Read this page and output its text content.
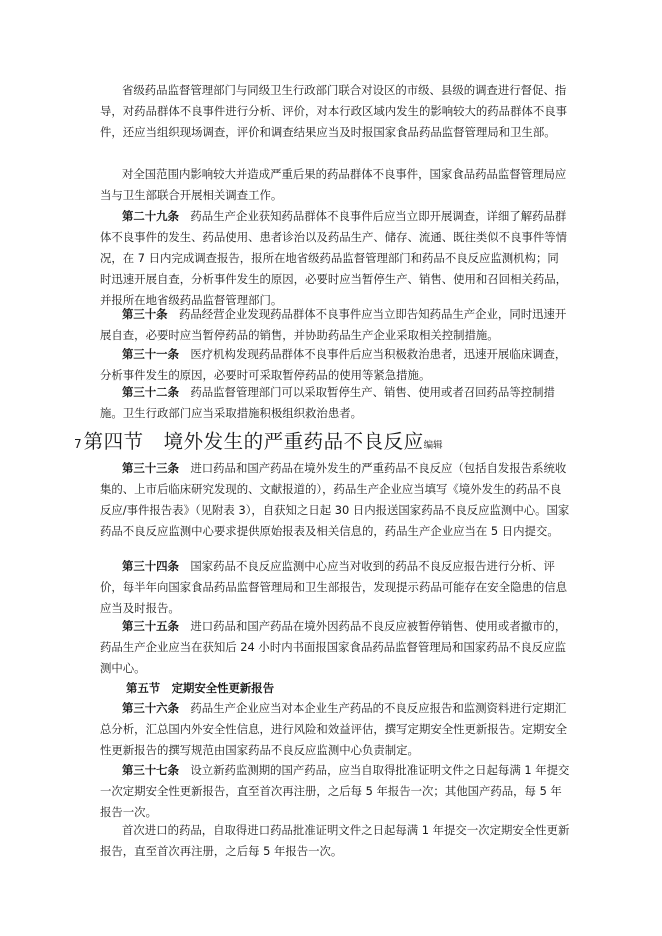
省级药品监督管理部门与同级卫生行政部门联合对设区的市级、县级的调查进行督促、指导，对药品群体不良事件进行分析、评价，对本行政区域内发生的影响较大的药品群体不良事件，还应当组织现场调查，评价和调查结果应当及时报国家食品药品监督管理局和卫生部。

对全国范围内影响较大并造成严重后果的药品群体不良事件，国家食品药品监督管理局应当与卫生部联合开展相关调查工作。

第二十九条　 药品生产企业获知药品群体不良事件后应当立即开展调查，详细了解药品群体不良事件的发生、药品使用、患者诊治以及药品生产、储存、流通、既往类似不良事件等情况，在 7 日内完成调查报告，报所在地省级药品监督管理部门和药品不良反应监测机构；同时迅速开展自查，分析事件发生的原因，必要时应当暂停生产、销售、使用和召回相关药品，并报所在地省级药品监督管理部门。

第三十条　 药品经营企业发现药品群体不良事件应当立即告知药品生产企业，同时迅速开展自查，必要时应当暂停药品的销售，并协助药品生产企业采取相关控制措施。

第三十一条　 医疗机构发现药品群体不良事件后应当积极救治患者，迅速开展临床调查，分析事件发生的原因，必要时可采取暂停药品的使用等紧急措施。

第三十二条　 药品监督管理部门可以采取暂停生产、销售、使用或者召回药品等控制措施。卫生行政部门应当采取措施积极组织救治患者。

7 第四节　境外发生的严重药品不良反应编辑

第三十三条　 进口药品和国产药品在境外发生的严重药品不良反应（包括自发报告系统收集的、上市后临床研究发现的、文献报道的），药品生产企业应当填写《境外发生的药品不良反应/事件报告表》（见附表 3），自获知之日起 30 日内报送国家药品不良反应监测中心。国家药品不良反应监测中心要求提供原始报表及相关信息的，药品生产企业应当在 5 日内提交。

第三十四条　 国家药品不良反应监测中心应当对收到的药品不良反应报告进行分析、评价，每半年向国家食品药品监督管理局和卫生部报告，发现提示药品可能存在安全隐患的信息应当及时报告。

第三十五条　 进口药品和国产药品在境外因药品不良反应被暂停销售、使用或者撤市的，药品生产企业应当在获知后 24 小时内书面报国家食品药品监督管理局和国家药品不良反应监测中心。

第五节　定期安全性更新报告

第三十六条　 药品生产企业应当对本企业生产药品的不良反应报告和监测资料进行定期汇总分析，汇总国内外安全性信息，进行风险和效益评估，撰写定期安全性更新报告。定期安全性更新报告的撰写规范由国家药品不良反应监测中心负责制定。

第三十七条　 设立新药监测期的国产药品，应当自取得批准证明文件之日起每满 1 年提交一次定期安全性更新报告，直至首次再注册，之后每 5 年报告一次；其他国产药品，每 5 年报告一次。

首次进口的药品，自取得进口药品批准证明文件之日起每满 1 年提交一次定期安全性更新报告，直至首次再注册，之后每 5 年报告一次。
